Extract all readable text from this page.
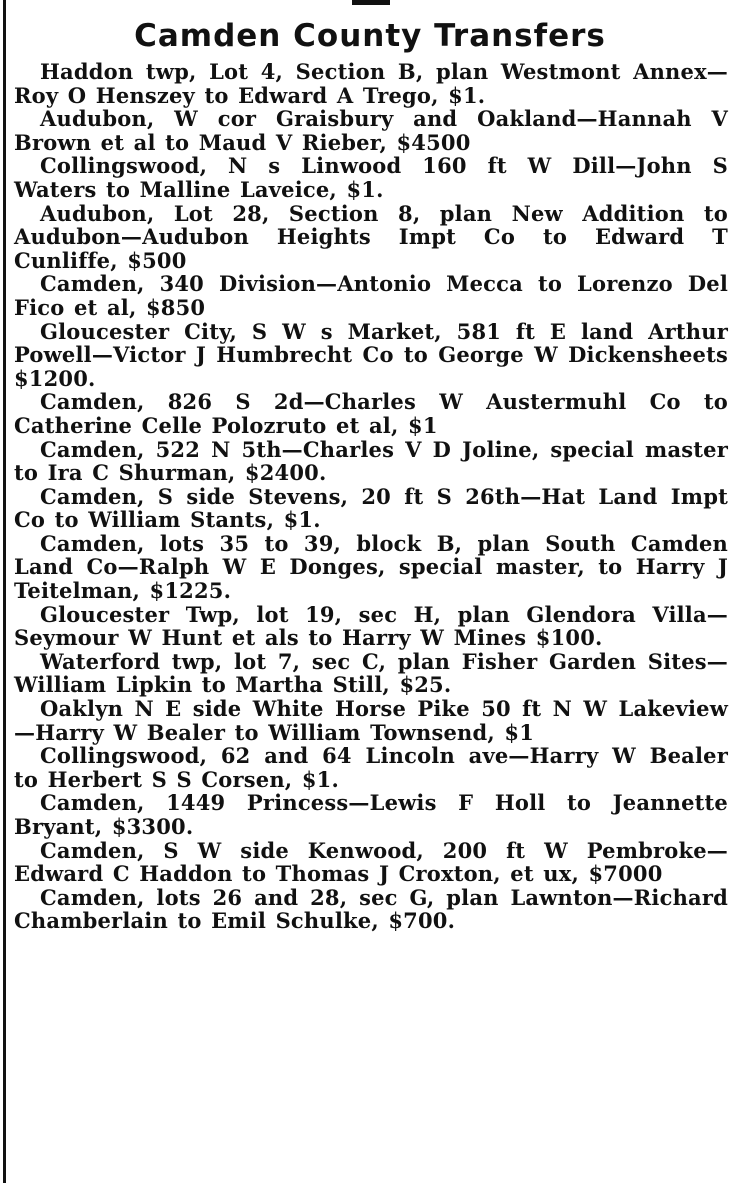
Camden County Transfers

Haddon twp, Lot 4, Section B, plan Westmont Annex—Roy O Henszey to Edward A Trego, $1.

Audubon, W cor Graisbury and Oakland—Hannah V Brown et al to Maud V Rieber, $4500

Collingswood, N s Linwood 160 ft W Dill—John S Waters to Malline Laveice, $1.

Audubon, Lot 28, Section 8, plan New Addition to Audubon—Audubon Heights Impt Co to Edward T Cunliffe, $500

Camden, 340 Division—Antonio Mecca to Lorenzo Del Fico et al, $850

Gloucester City, S W s Market, 581 ft E land Arthur Powell—Victor J Humbrecht Co to George W Dickensheets $1200.

Camden, 826 S 2d—Charles W Austermuhl Co to Catherine Celle Polozruto et al, $1

Camden, 522 N 5th—Charles V D Joline, special master to Ira C Shurman, $2400.

Camden, S side Stevens, 20 ft S 26th—Hat Land Impt Co to William Stants, $1.

Camden, lots 35 to 39, block B, plan South Camden Land Co—Ralph W E Donges, special master, to Harry J Teitelman, $1225.

Gloucester Twp, lot 19, sec H, plan Glendora Villa—Seymour W Hunt et als to Harry W Mines $100.

Waterford twp, lot 7, sec C, plan Fisher Garden Sites—William Lipkin to Martha Still, $25.

Oaklyn N E side White Horse Pike 50 ft N W Lakeview—Harry W Bealer to William Townsend, $1

Collingswood, 62 and 64 Lincoln ave—Harry W Bealer to Herbert S S Corsen, $1.

Camden, 1449 Princess—Lewis F Holl to Jeannette Bryant, $3300.

Camden, S W side Kenwood, 200 ft W Pembroke—Edward C Haddon to Thomas J Croxton, et ux, $7000

Camden, lots 26 and 28, sec G, plan Lawnton—Richard Chamberlain to Emil Schulke, $700.
